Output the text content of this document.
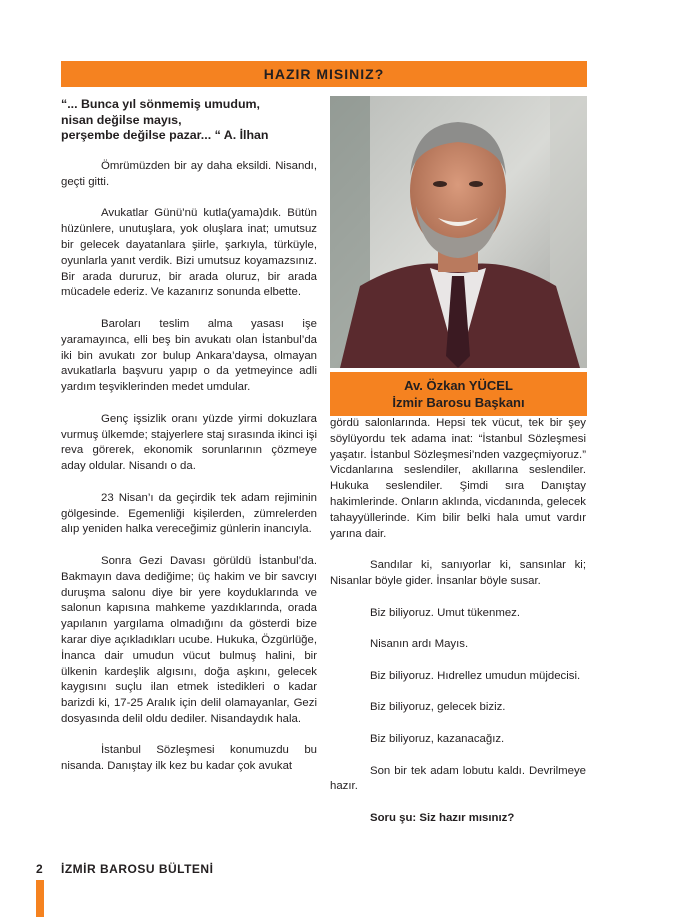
HAZIR MISINIZ?
“... Bunca yıl sönmemiş umudum,
nisan değilse mayıs,
perşembe değilse pazar... “ A. İlhan

Ömrümüzden bir ay daha eksildi. Nisandı, geçti gitti.

Avukatlar Günü’nü kutla(yama)dık. Bütün hüzünlere, unutuşlara, yok oluşlara inat; umutsuz bir gelecek dayatanlara şiirle, şarkıyla, türküyle, oyunlarla yanıt verdik. Bizi umutsuz koyamazsınız. Bir arada dururuz, bir arada oluruz, bir arada mücadele ederiz. Ve kazanırız sonunda elbette.

Baroları teslim alma yasası işe yaramayınca, elli beş bin avukatı olan İstanbul’da iki bin avukatı zor bulup Ankara’daysa, olmayan avukatlarla başvuru yapıp o da yetmeyince adli yardım teşviklerinden medet umdular.

Genç işsizlik oranı yüzde yirmi dokuzlara vurmuş ülkemde; stajyerlere staj sırasında ikinci işi reva görerek, ekonomik sorunlarının çözmeye aday oldular. Nisandı o da.

23 Nisan’ı da geçirdik tek adam rejiminin gölgesinde. Egemenliği kişilerden, zümrelerden alıp yeniden halka vereceğimiz günlerin inancıyla.

Sonra Gezi Davası görüldü İstanbul’da. Bakmayın dava dediğime; üç hakim ve bir savcıyı duruşma salonu diye bir yere koyduklarında ve salonun kapısına mahkeme yazdıklarında, orada yapılanın yargılama olmadığını da gösterdi bize karar diye açıkladıkları ucube. Hukuka, Özgürlüğe, İnanca dair umudun vücut bulmuş halini, bir ülkenin kardeşlik algısını, doğa aşkını, gelecek kaygısını suçlu ilan etmek istedikleri o kadar barizdi ki, 17-25 Aralık için delil olamayanlar, Gezi dosyasında delil oldu dediler. Nisandaydık hala.

İstanbul Sözleşmesi konumuzdu bu nisanda. Danıştay ilk kez bu kadar çok avukat

Av. Özkan YÜCEL
İzmir Barosu Başkanı

gördü salonlarında. Hepsi tek vücut, tek bir şey söylüyordu tek adama inat: “İstanbul Sözleşmesi yaşatır. İstanbul Sözleşmesi’nden vazgeçmiyoruz.” Vicdanlarına seslendiler, akıllarına seslendiler. Hukuka seslendiler. Şimdi sıra Danıştay hakimlerinde. Onların aklında, vicdanında, gelecek tahayyüllerinde. Kim bilir belki hala umut vardır yarına dair.

Sandılar ki, sanıyorlar ki, sansınlar ki; Nisanlar böyle gider. İnsanlar böyle susar.

Biz biliyoruz. Umut tükenmez.

Nisanın ardı Mayıs.

Biz biliyoruz. Hıdrellez umudun müjdecisi.

Biz biliyoruz, gelecek biziz.

Biz biliyoruz, kazanacağız.

Son bir tek adam lobutu kaldı. Devrilmeye hazır.

Soru şu: Siz hazır mısınız?

2 İZMİR BAROSU BÜLTENİ
